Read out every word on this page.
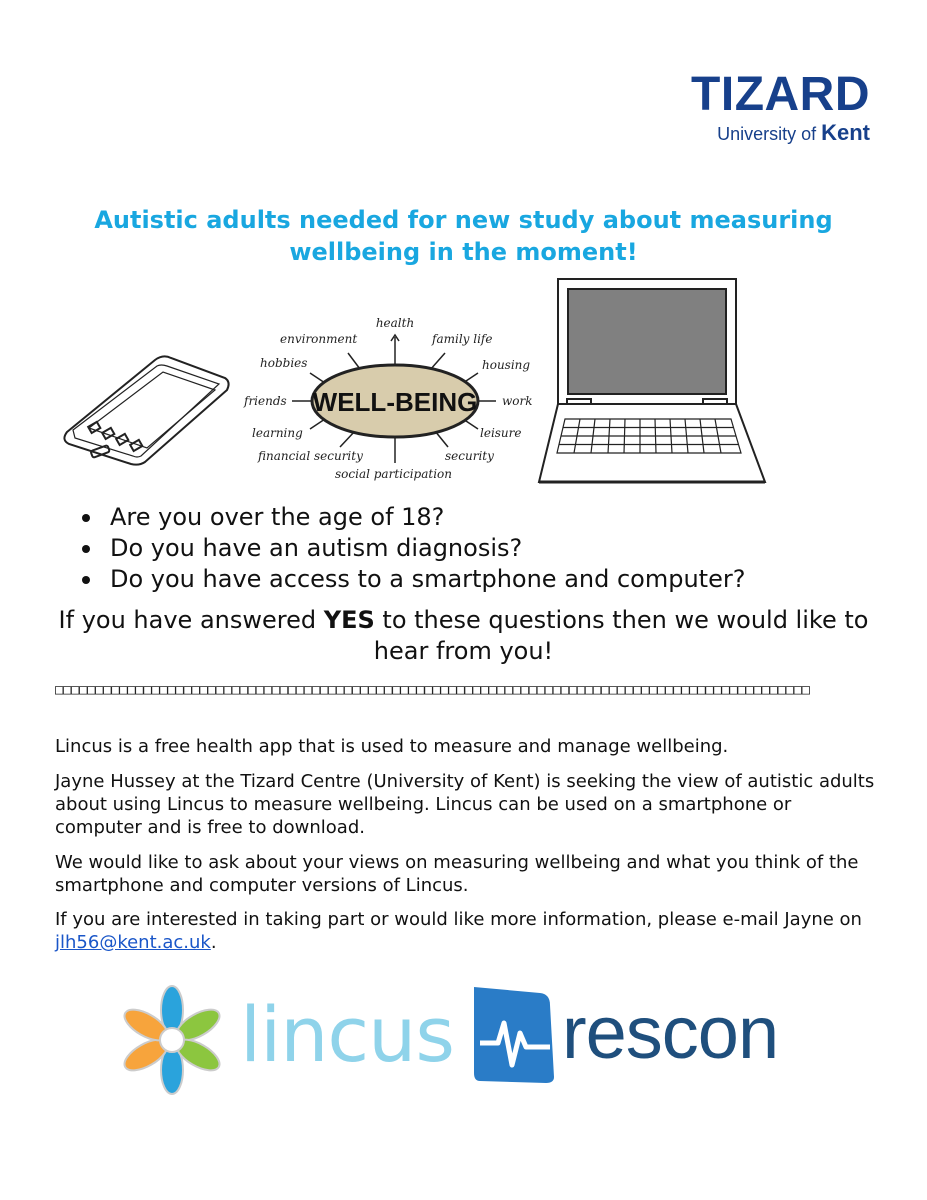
TIZARD
University of Kent
Autistic adults needed for new study about measuring
wellbeing in the moment!
WELL-BEING
health
family life
housing
work
leisure
security
social participation
financial security
learning
friends
hobbies
environment
Are you over the age of 18?
Do you have an autism diagnosis?
Do you have access to a smartphone and computer?
If you have answered YES to these questions then we would like to hear from you!
□□□□□□□□□□□□□□□□□□□□□□□□□□□□□□□□□□□□□□□□□□□□□□□□□□□□□□□□□□□□□□□□□□□□□□□□□□□□□□□□□□□□□□□□□□□□□□

Lincus is a free health app that is used to measure and manage wellbeing.

Jayne Hussey at the Tizard Centre (University of Kent) is seeking the view of autistic adults about using Lincus to measure wellbeing. Lincus can be used on a smartphone or computer and is free to download.

We would like to ask about your views on measuring wellbeing and what you think of the smartphone and computer versions of Lincus.

If you are interested in taking part or would like more information, please e-mail Jayne on jlh56@kent.ac.uk.

lincus rescon
